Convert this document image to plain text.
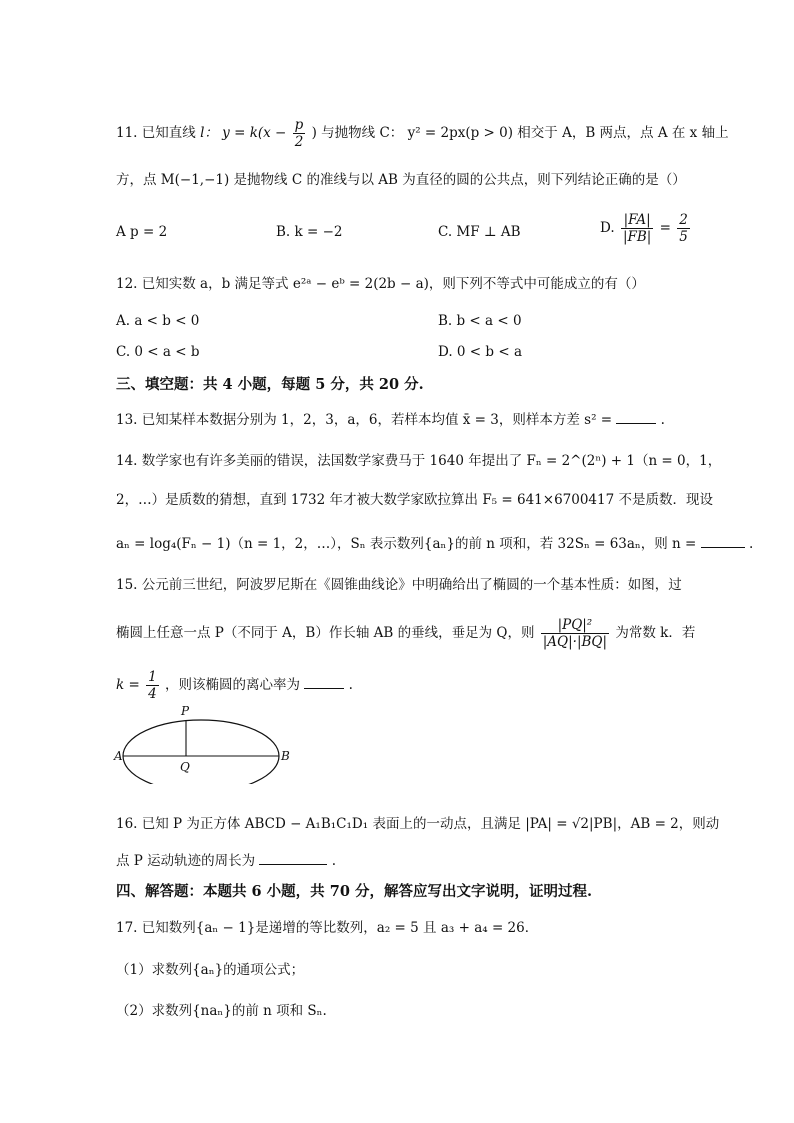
11. 已知直线 l： $y = k(x - \frac{p}{2}$ ) 与抛物线 C： y² = 2px(p > 0) 相交于 A，B 两点，点 A 在 x 轴上
方，点 M(−1,−1) 是抛物线 C 的准线与以 AB 为直径的圆的公共点，则下列结论正确的是（）
A p = 2	B. k = −2	C. MF ⊥ AB	D. $\frac{|FA|}{|FB|} = \frac{2}{5}$
12. 已知实数 a，b 满足等式 e²ᵃ − eᵇ = 2(2b − a)，则下列不等式中可能成立的有（）
A. a < b < 0	B. b < a < 0
C. 0 < a < b	D. 0 < b < a
三、填空题：共 4 小题，每题 5 分，共 20 分.
13. 已知某样本数据分别为 1，2，3，a，6，若样本均值 x̄ = 3，则样本方差 s² =	.
14. 数学家也有许多美丽的错误，法国数学家费马于 1640 年提出了 Fₙ = 2^(2ⁿ) + 1（n = 0，1，
2，…）是质数的猜想，直到 1732 年才被大数学家欧拉算出 F₅ = 641×6700417 不是质数．现设
aₙ = log₄(Fₙ − 1)（n = 1，2，…），Sₙ 表示数列{aₙ}的前 n 项和，若 32Sₙ = 63aₙ，则 n =	.
15. 公元前三世纪，阿波罗尼斯在《圆锥曲线论》中明确给出了椭圆的一个基本性质：如图，过
椭圆上任意一点 P（不同于 A，B）作长轴 AB 的垂线，垂足为 Q，则 $\frac{\text{|PQ|²}}{|AQ|\cdot|BQ|}$ 为常数 k．若
$k = \frac{1}{4}$ ，则该椭圆的离心率为	.
P
A	B
Q
16. 已知 P 为正方体 ABCD − A₁B₁C₁D₁ 表面上的一动点，且满足 |PA| = √2|PB|，AB = 2，则动
点 P 运动轨迹的周长为	.
四、解答题：本题共 6 小题，共 70 分，解答应写出文字说明，证明过程.
17. 已知数列{aₙ − 1}是递增的等比数列，a₂ = 5 且 a₃ + a₄ = 26．
（1）求数列{aₙ}的通项公式；
（2）求数列{naₙ}的前 n 项和 Sₙ.
